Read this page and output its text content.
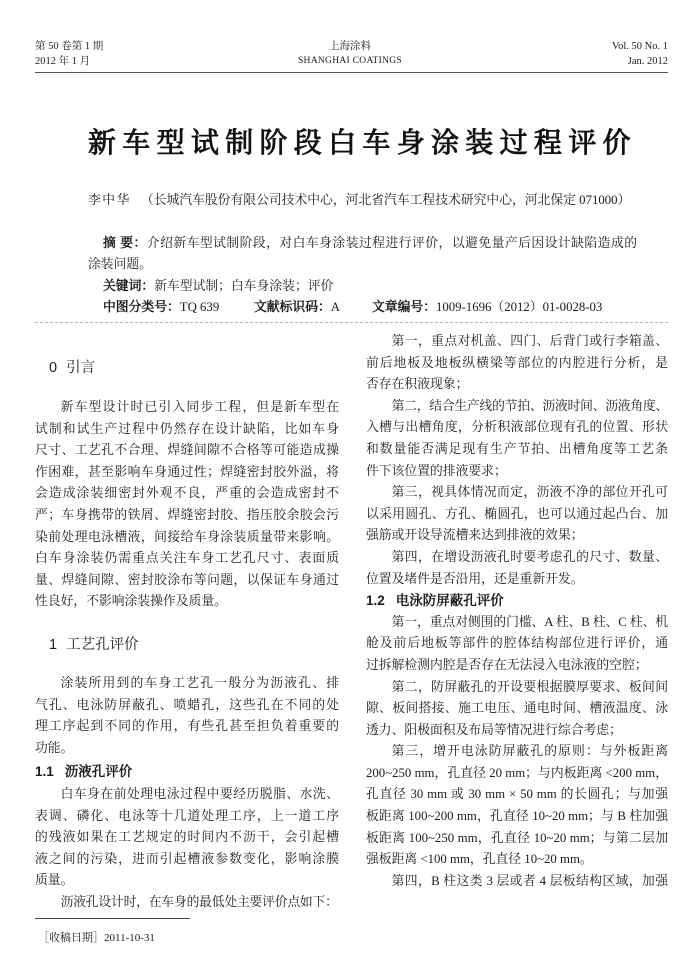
第 50 卷第 1 期
2012 年 1 月
上海涂料
SHANGHAI COATINGS
Vol. 50 No. 1
Jan. 2012
新车型试制阶段白车身涂装过程评价
李中华 （长城汽车股份有限公司技术中心，河北省汽车工程技术研究中心，河北保定 071000）
摘 要：介绍新车型试制阶段，对白车身涂装过程进行评价，以避免量产后因设计缺陷造成的
涂装问题。
关键词：新车型试制；白车身涂装；评价
中图分类号：TQ 639	文献标识码：A 文章编号：1009-1696（2012）01-0028-03
0 引言
新车型设计时已引入同步工程，但是新车型在
试制和试生产过程中仍然存在设计缺陷，比如车身
尺寸、工艺孔不合理、焊缝间隙不合格等可能造成操
作困难，甚至影响车身通过性；焊缝密封胶外溢，将
会造成涂装细密封外观不良，严重的会造成密封不
严；车身携带的铁屑、焊缝密封胶、指压胶余胶会污
染前处理电泳槽液，间接给车身涂装质量带来影响。
白车身涂装仍需重点关注车身工艺孔尺寸、表面质
量、焊缝间隙、密封胶涂布等问题，以保证车身通过
性良好，不影响涂装操作及质量。
1 工艺孔评价
涂装所用到的车身工艺孔一般分为沥液孔、排
气孔、电泳防屏蔽孔、喷蜡孔，这些孔在不同的处
理工序起到不同的作用，有些孔甚至担负着重要的
功能。
1.1 沥液孔评价
白车身在前处理电泳过程中要经历脱脂、水洗、
表调、磷化、电泳等十几道处理工序，上一道工序
的残液如果在工艺规定的时间内不沥干，会引起槽
液之间的污染，进而引起槽液参数变化，影响涂膜
质量。
沥液孔设计时，在车身的最低处主要评价点如下：
［收稿日期］2011-10-31
第一，重点对机盖、四门、后背门或行李箱盖、
前后地板及地板纵横梁等部位的内腔进行分析，是
否存在积液现象；
第二，结合生产线的节拍、沥液时间、沥液角度、
入槽与出槽角度，分析积液部位现有孔的位置、形状
和数量能否满足现有生产节拍、出槽角度等工艺条
件下该位置的排液要求；
第三，视具体情况而定，沥液不净的部位开孔可
以采用圆孔、方孔、椭圆孔，也可以通过起凸台、加
强筋或开设导流槽来达到排液的效果；
第四，在增设沥液孔时要考虑孔的尺寸、数量、
位置及堵件是否沿用，还是重新开发。
1.2 电泳防屏蔽孔评价
第一，重点对侧围的门槛、A 柱、B 柱、C 柱、机
舱及前后地板等部件的腔体结构部位进行评价，通
过拆解检测内腔是否存在无法浸入电泳液的空腔；
第二，防屏蔽孔的开设要根据膜厚要求、板间间
隙、板间搭接、施工电压、通电时间、槽液温度、泳
透力、阳极面积及布局等情况进行综合考虑；
第三，增开电泳防屏蔽孔的原则：与外板距离
200~250 mm，孔直径 20 mm；与内板距离 <200 mm，
孔直径 30 mm 或 30 mm × 50 mm 的长圆孔；与加强
板距离 100~200 mm，孔直径 10~20 mm；与 B 柱加强
板距离 100~250 mm，孔直径 10~20 mm；与第二层加
强板距离 <100 mm，孔直径 10~20 mm。
第四，B 柱这类 3 层或者 4 层板结构区域，加强
